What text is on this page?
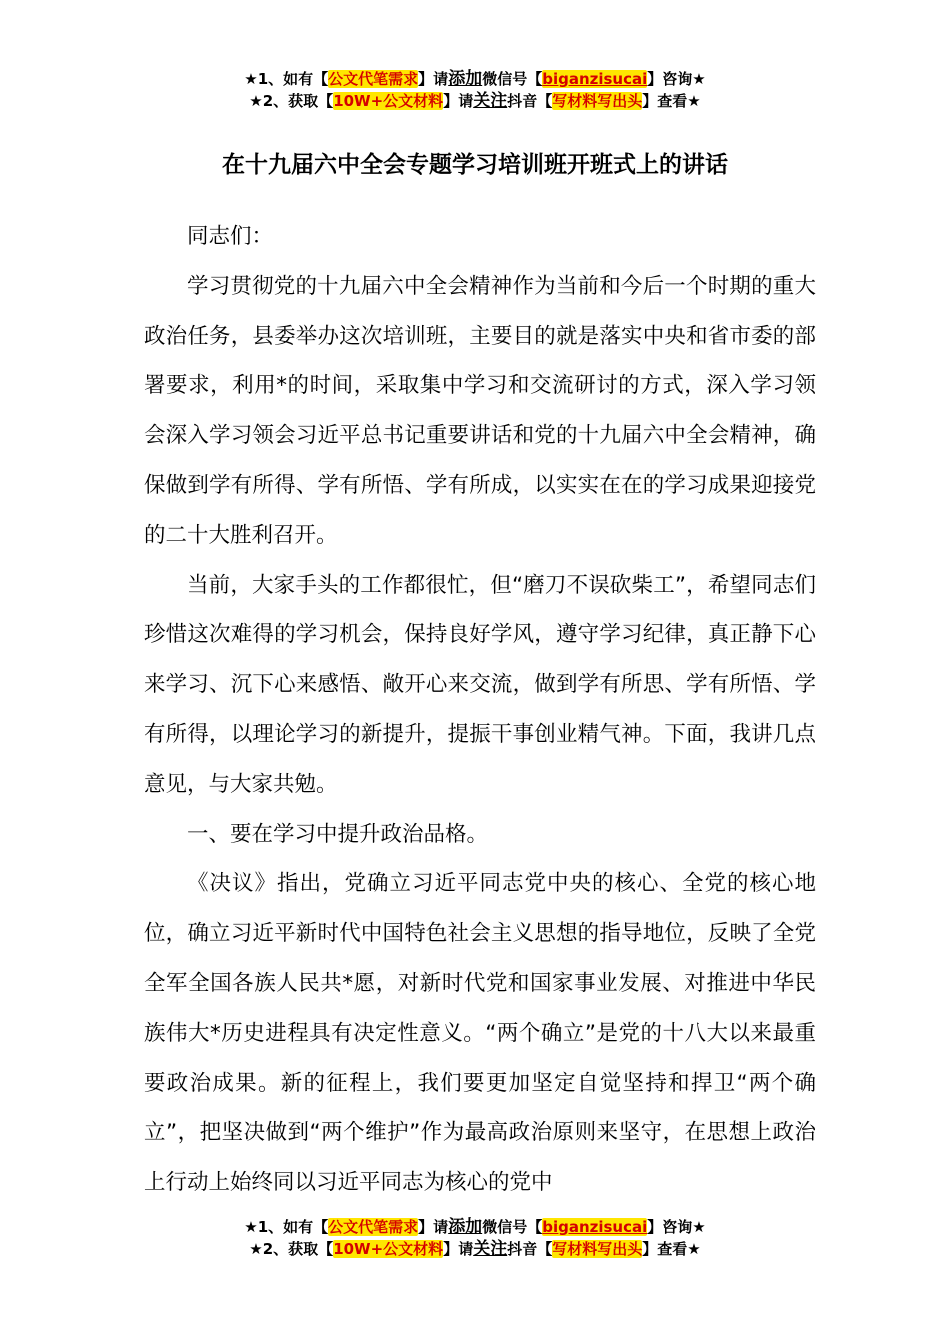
★1、如有【公文代笔需求】请添加微信号【biganzisucai】咨询★
★2、获取【10W+公文材料】请关注抖音【写材料写出头】查看★
在十九届六中全会专题学习培训班开班式上的讲话

同志们：

学习贯彻党的十九届六中全会精神作为当前和今后一个时期的重大政治任务，县委举办这次培训班，主要目的就是落实中央和省市委的部署要求，利用*的时间，采取集中学习和交流研讨的方式，深入学习领会深入学习领会习近平总书记重要讲话和党的十九届六中全会精神，确保做到学有所得、学有所悟、学有所成，以实实在在的学习成果迎接党的二十大胜利召开。

当前，大家手头的工作都很忙，但“磨刀不误砍柴工”，希望同志们珍惜这次难得的学习机会，保持良好学风，遵守学习纪律，真正静下心来学习、沉下心来感悟、敞开心来交流，做到学有所思、学有所悟、学有所得，以理论学习的新提升，提振干事创业精气神。下面，我讲几点意见，与大家共勉。

一、要在学习中提升政治品格。

《决议》指出，党确立习近平同志党中央的核心、全党的核心地位，确立习近平新时代中国特色社会主义思想的指导地位，反映了全党全军全国各族人民共*愿，对新时代党和国家事业发展、对推进中华民族伟大*历史进程具有决定性意义。“两个确立”是党的十八大以来最重要政治成果。新的征程上，我们要更加坚定自觉坚持和捍卫“两个确立”，把坚决做到“两个维护”作为最高政治原则来坚守，在思想上政治上行动上始终同以习近平同志为核心的党中

★1、如有【公文代笔需求】请添加微信号【biganzisucai】咨询★
★2、获取【10W+公文材料】请关注抖音【写材料写出头】查看★
